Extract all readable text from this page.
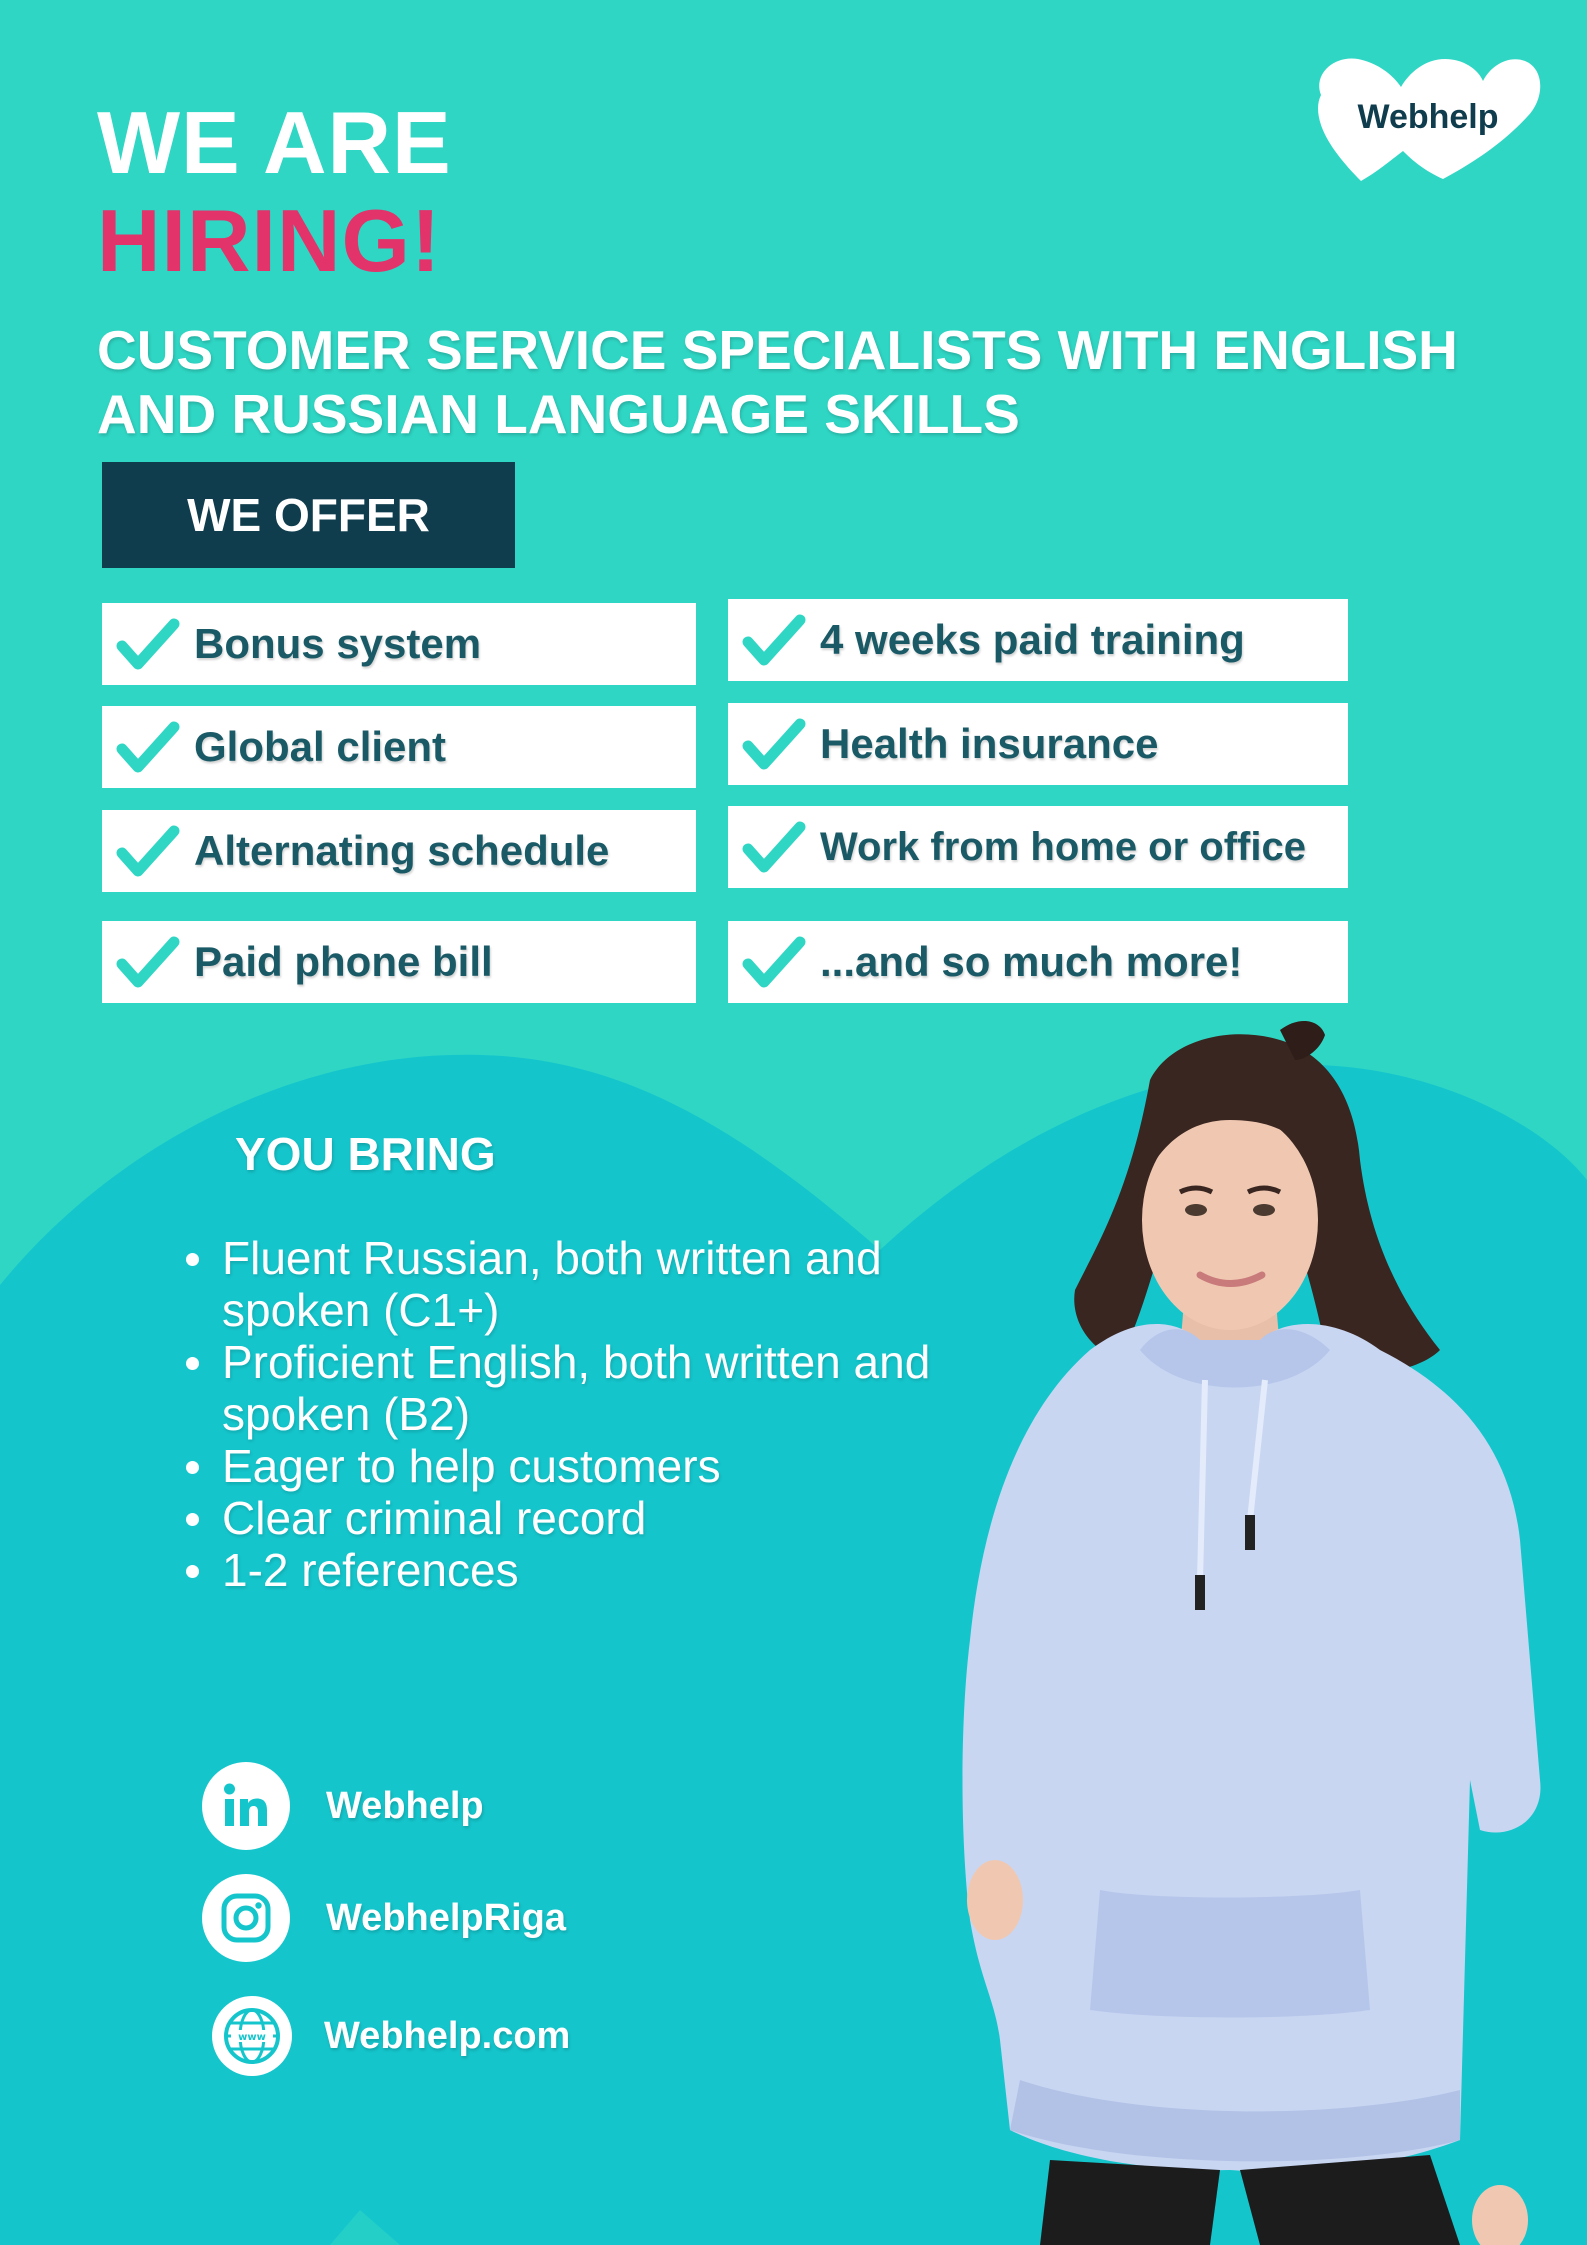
Webhelp
WE ARE
HIRING!
CUSTOMER SERVICE SPECIALISTS WITH ENGLISH
AND RUSSIAN LANGUAGE SKILLS
WE OFFER
Bonus system	4 weeks paid training
Global client	Health insurance
Alternating schedule	Work from home or office
Paid phone bill	...and so much more!
YOU BRING
Fluent Russian, both written and spoken (C1+)
Proficient English, both written and spoken (B2)
Eager to help customers
Clear criminal record
1-2 references
Webhelp
WebhelpRiga
www Webhelp.com
